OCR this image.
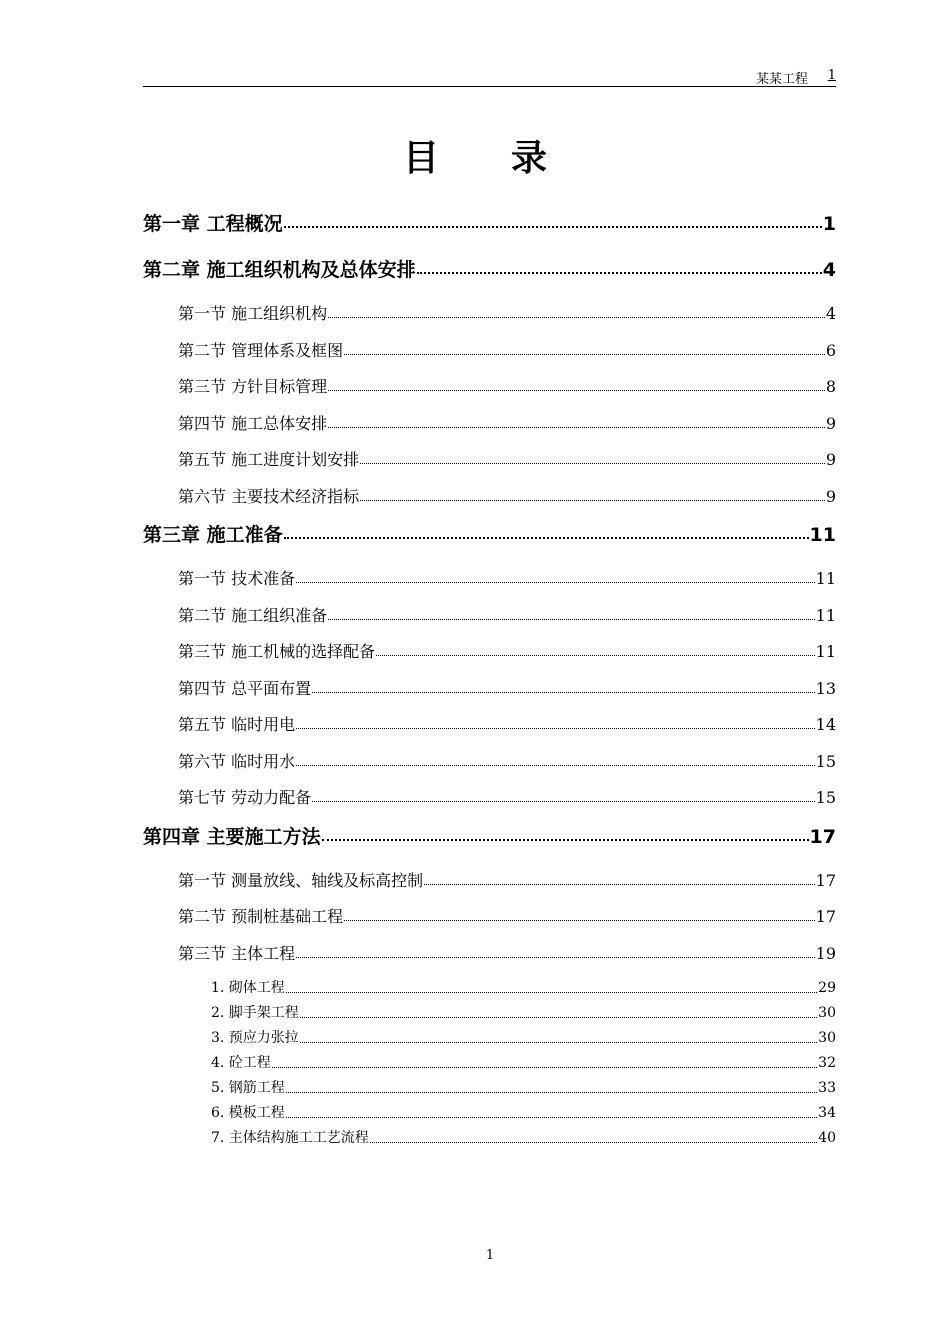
某某工程 1
目 录
第一章 工程概况	1
第二章 施工组织机构及总体安排	4
第一节 施工组织机构	4
第二节 管理体系及框图	6
第三节 方针目标管理	8
第四节 施工总体安排	9
第五节 施工进度计划安排	9
第六节 主要技术经济指标	9
第三章 施工准备	11
第一节 技术准备	11
第二节 施工组织准备	11
第三节 施工机械的选择配备	11
第四节 总平面布置	13
第五节 临时用电	14
第六节 临时用水	15
第七节 劳动力配备	15
第四章 主要施工方法	17
第一节 测量放线、轴线及标高控制	17
第二节 预制桩基础工程	17
第三节 主体工程	19
1. 砌体工程	29
2. 脚手架工程	30
3. 预应力张拉	30
4. 砼工程	32
5. 钢筋工程	33
6. 模板工程	34
7. 主体结构施工工艺流程	40
1
